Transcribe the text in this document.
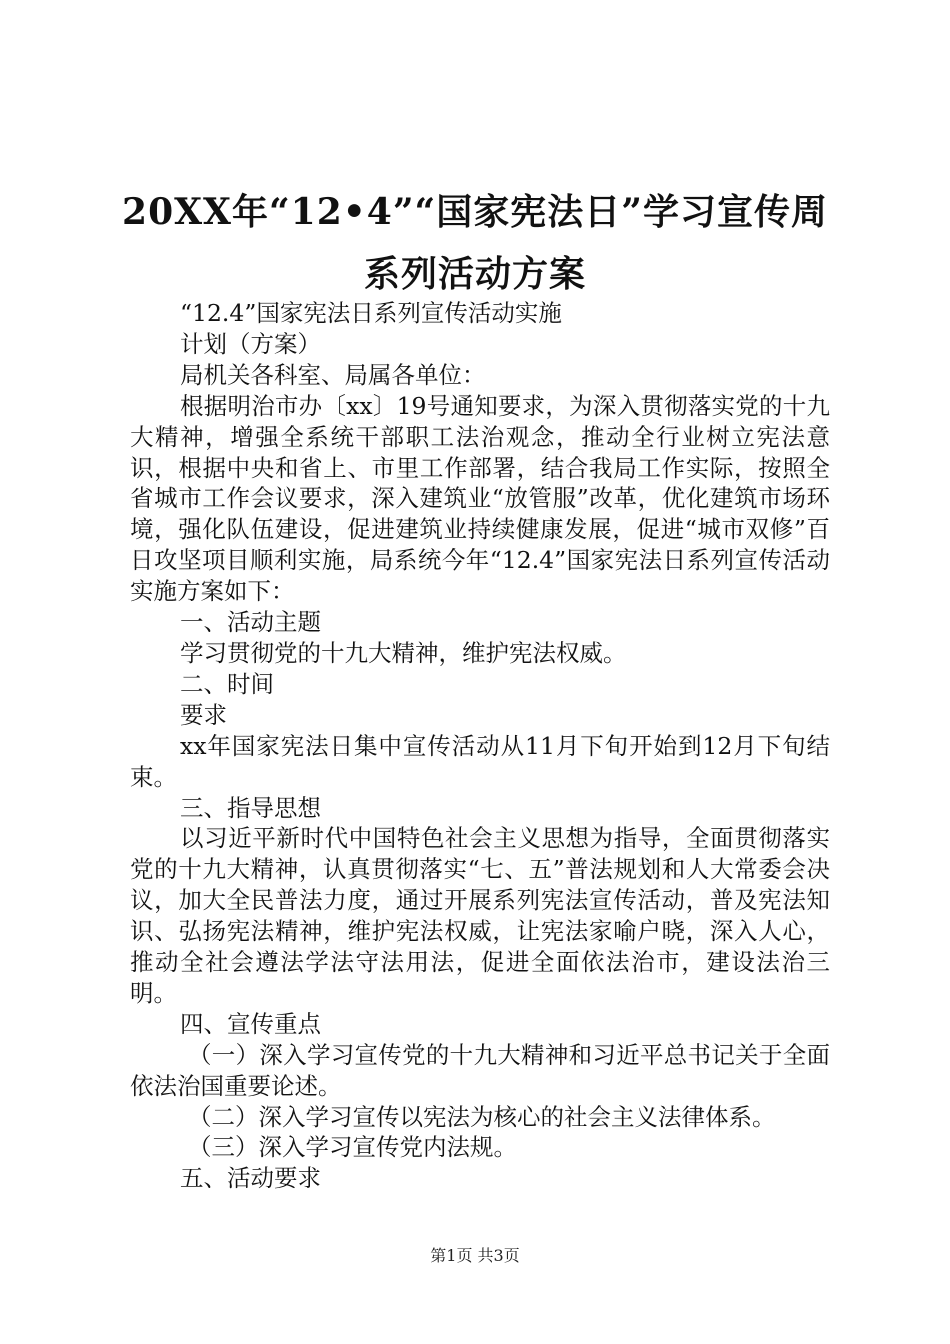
20XX年“12•4”“国家宪法日”学习宣传周
系列活动方案

“12.4”国家宪法日系列宣传活动实施

计划（方案）

局机关各科室、局属各单位：

根据明治市办〔xx〕19号通知要求，为深入贯彻落实党的十九大精神，增强全系统干部职工法治观念，推动全行业树立宪法意识，根据中央和省上、市里工作部署，结合我局工作实际，按照全省城市工作会议要求，深入建筑业“放管服”改革，优化建筑市场环境，强化队伍建设，促进建筑业持续健康发展，促进“城市双修”百日攻坚项目顺利实施，局系统今年“12.4”国家宪法日系列宣传活动实施方案如下：

一、活动主题

学习贯彻党的十九大精神，维护宪法权威。

二、时间

要求

xx年国家宪法日集中宣传活动从11月下旬开始到12月下旬结束。

三、指导思想

以习近平新时代中国特色社会主义思想为指导，全面贯彻落实党的十九大精神，认真贯彻落实“七、五”普法规划和人大常委会决议，加大全民普法力度，通过开展系列宪法宣传活动，普及宪法知识、弘扬宪法精神，维护宪法权威，让宪法家喻户晓，深入人心，推动全社会遵法学法守法用法，促进全面依法治市，建设法治三明。

四、宣传重点

（一）深入学习宣传党的十九大精神和习近平总书记关于全面依法治国重要论述。

（二）深入学习宣传以宪法为核心的社会主义法律体系。

（三）深入学习宣传党内法规。

五、活动要求

第1页 共3页
